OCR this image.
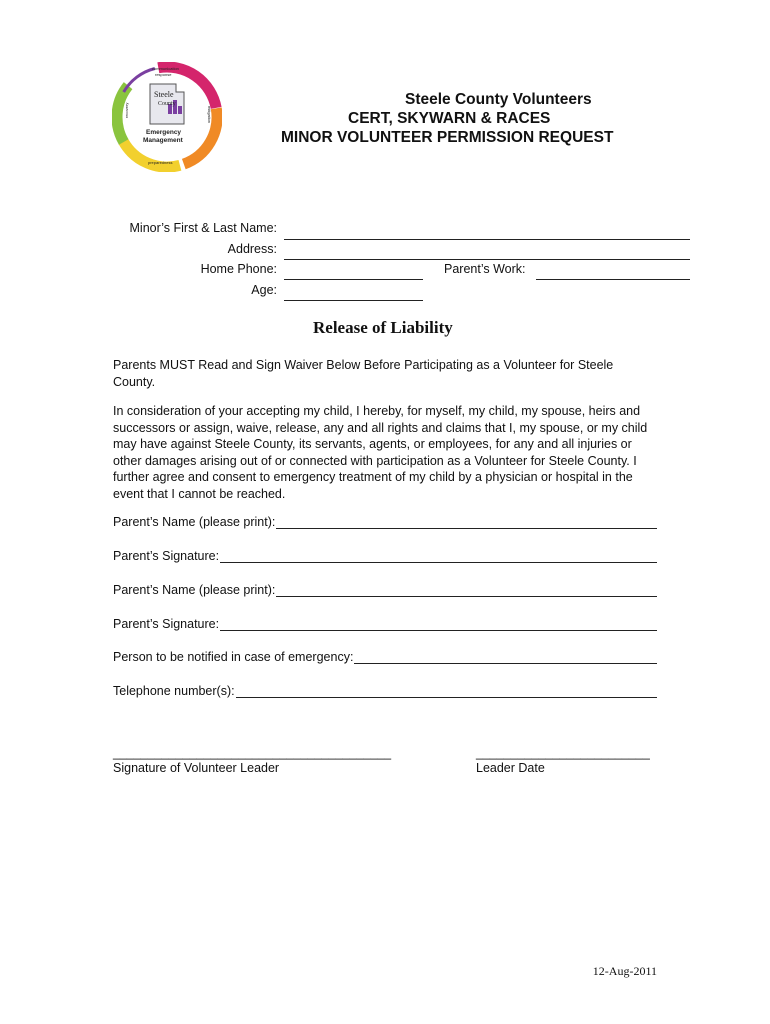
Steele
County
Emergency
Management
communication
response
mitigation
recovery
preparedness
Steele County Volunteers
CERT, SKYWARN & RACES
MINOR VOLUNTEER PERMISSION REQUEST
Minor’s First & Last Name:
Address:
Home Phone:	Parent’s Work:
Age:
Release of Liability
Parents MUST Read and Sign Waiver Below Before Participating as a Volunteer for Steele County.
In consideration of your accepting my child, I hereby, for myself, my child, my spouse, heirs and successors or assign, waive, release, any and all rights and claims that I, my spouse, or my child may have against Steele County, its servants, agents, or employees, for any and all injuries or other damages arising out of or connected with participation as a Volunteer for Steele County. I further agree and consent to emergency treatment of my child by a physician or hospital in the event that I cannot be reached.
Parent’s Name (please print):
Parent’s Signature:
Parent’s Name (please print):
Parent’s Signature:
Person to be notified in case of emergency:
Telephone number(s):
________________________________________	_________________________
Signature of Volunteer Leader	Leader Date
12-Aug-2011
